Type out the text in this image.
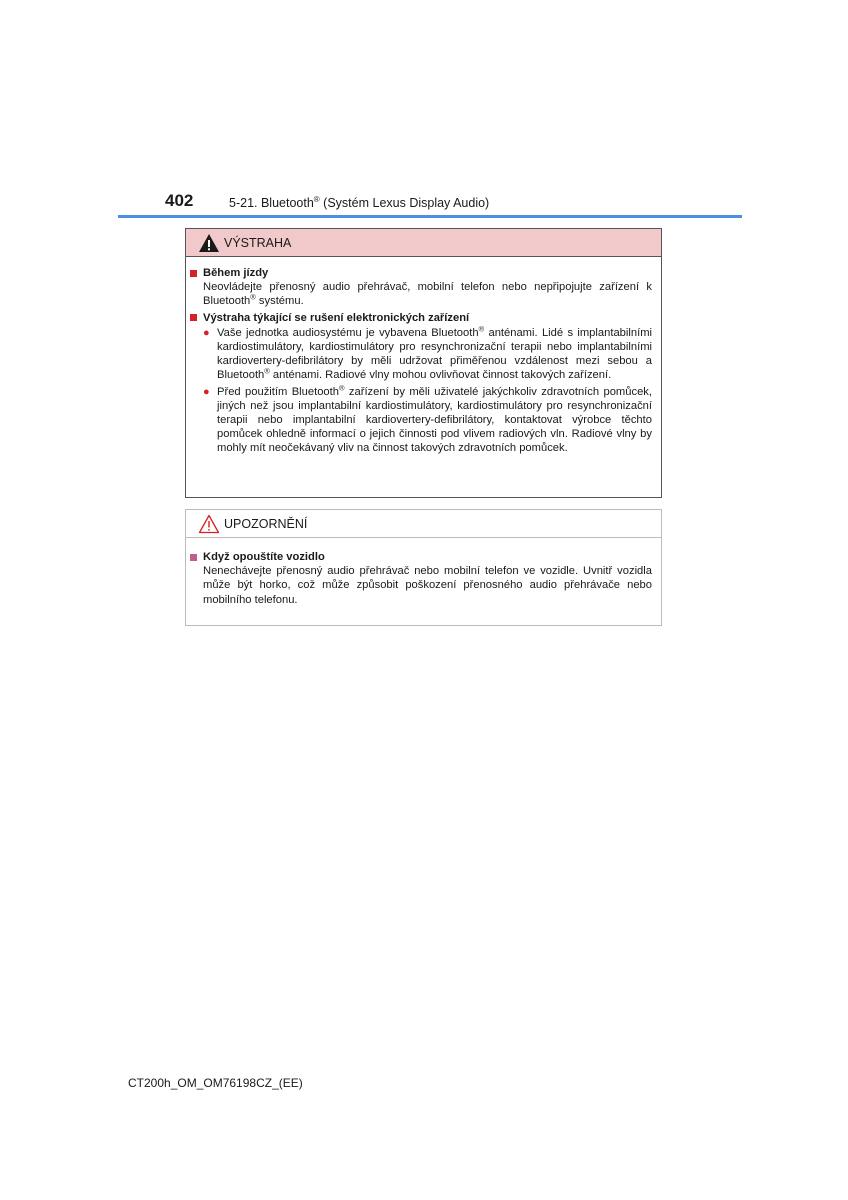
402	5-21. Bluetooth® (Systém Lexus Display Audio)
VÝSTRAHA
Během jízdy
Neovládejte přenosný audio přehrávač, mobilní telefon nebo nepřipojujte zařízení k Bluetooth® systému.
Výstraha týkající se rušení elektronických zařízení
● Vaše jednotka audiosystému je vybavena Bluetooth® anténami. Lidé s implantabilními kardiostimulátory, kardiostimulátory pro resynchronizační terapii nebo implantabilními kardiovertery-defibrilátory by měli udržovat přiměřenou vzdálenost mezi sebou a Bluetooth® anténami. Radiové vlny mohou ovlivňovat činnost takových zařízení.
● Před použitím Bluetooth® zařízení by měli uživatelé jakýchkoliv zdravotních pomůcek, jiných než jsou implantabilní kardiostimulátory, kardiostimulátory pro resynchronizační terapii nebo implantabilní kardiovertery-defibrilátory, kontaktovat výrobce těchto pomůcek ohledně informací o jejich činnosti pod vlivem radiových vln. Radiové vlny by mohly mít neočekávaný vliv na činnost takových zdravotních pomůcek.
UPOZORNĚNÍ
Když opouštíte vozidlo
Nenechávejte přenosný audio přehrávač nebo mobilní telefon ve vozidle. Uvnitř vozidla může být horko, což může způsobit poškození přenosného audio přehrávače nebo mobilního telefonu.
CT200h_OM_OM76198CZ_(EE)
